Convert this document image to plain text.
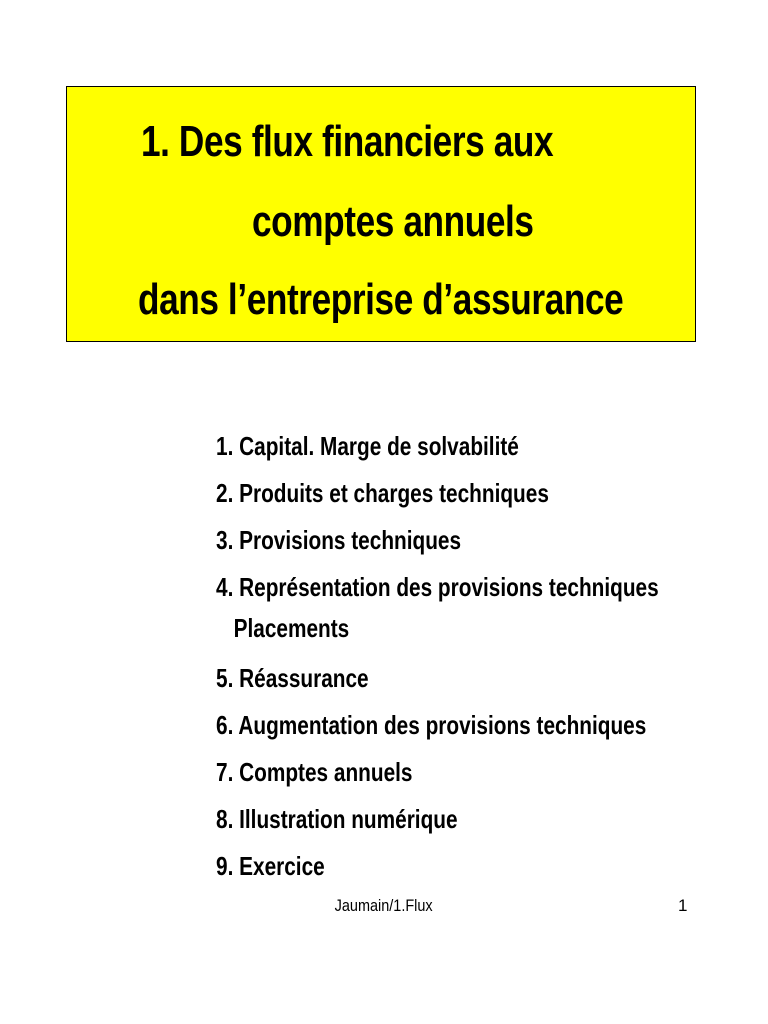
1. Des flux financiers aux
comptes annuels
dans l’entreprise d’assurance
1. Capital. Marge de solvabilité
2. Produits et charges techniques
3. Provisions techniques
4. Représentation des provisions techniques
Placements
5. Réassurance
6. Augmentation des provisions techniques
7. Comptes annuels
8. Illustration numérique
9. Exercice
Jaumain/1.Flux	1
